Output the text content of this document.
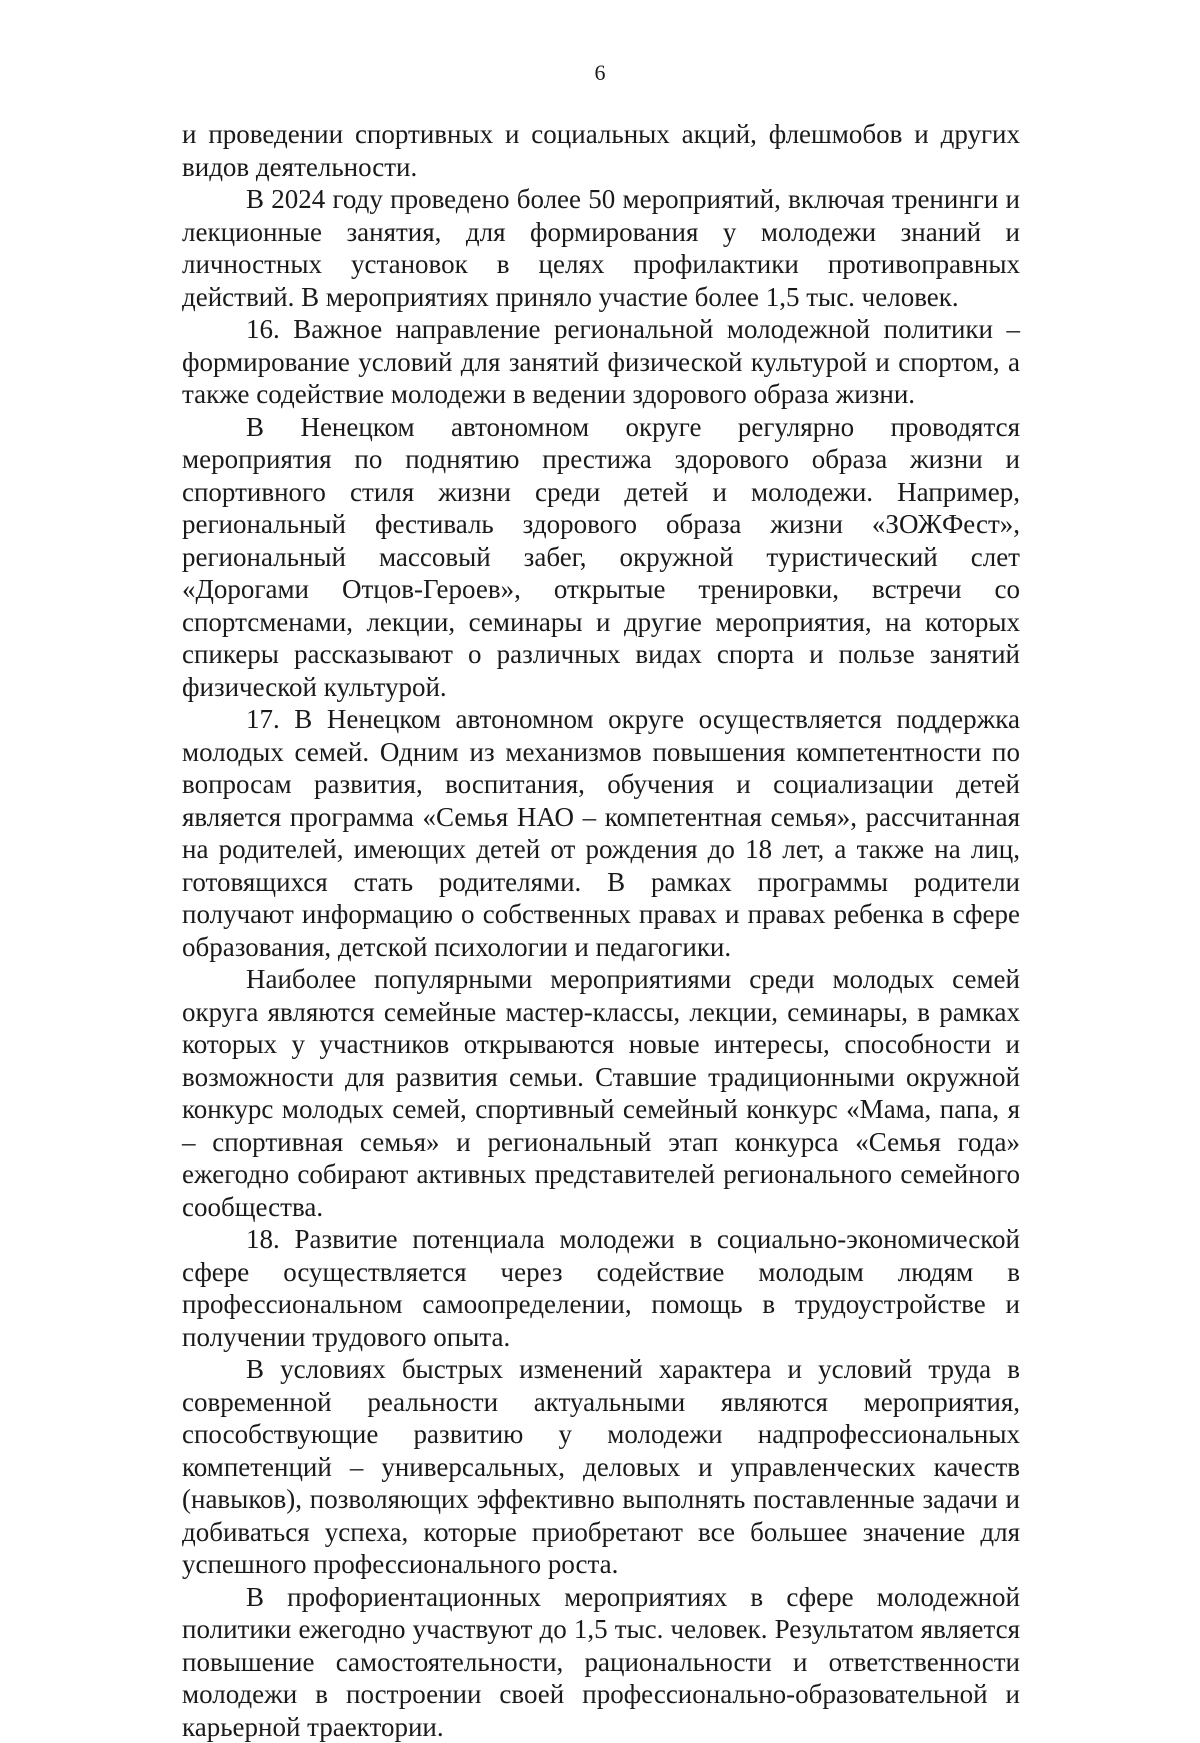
6

и проведении спортивных и социальных акций, флешмобов и других видов деятельности.

В 2024 году проведено более 50 мероприятий, включая тренинги и лекционные занятия, для формирования у молодежи знаний и личностных установок в целях профилактики противоправных действий. В мероприятиях приняло участие более 1,5 тыс. человек.

16. Важное направление региональной молодежной политики – формирование условий для занятий физической культурой и спортом, а также содействие молодежи в ведении здорового образа жизни.

В Ненецком автономном округе регулярно проводятся мероприятия по поднятию престижа здорового образа жизни и спортивного стиля жизни среди детей и молодежи. Например, региональный фестиваль здорового образа жизни «ЗОЖФест», региональный массовый забег, окружной туристический слет «Дорогами Отцов-Героев», открытые тренировки, встречи со спортсменами, лекции, семинары и другие мероприятия, на которых спикеры рассказывают о различных видах спорта и пользе занятий физической культурой.

17. В Ненецком автономном округе осуществляется поддержка молодых семей. Одним из механизмов повышения компетентности по вопросам развития, воспитания, обучения и социализации детей является программа «Семья НАО – компетентная семья», рассчитанная на родителей, имеющих детей от рождения до 18 лет, а также на лиц, готовящихся стать родителями. В рамках программы родители получают информацию о собственных правах и правах ребенка в сфере образования, детской психологии и педагогики.

Наиболее популярными мероприятиями среди молодых семей округа являются семейные мастер-классы, лекции, семинары, в рамках которых у участников открываются новые интересы, способности и возможности для развития семьи. Ставшие традиционными окружной конкурс молодых семей, спортивный семейный конкурс «Мама, папа, я – спортивная семья» и региональный этап конкурса «Семья года» ежегодно собирают активных представителей регионального семейного сообщества.

18. Развитие потенциала молодежи в социально-экономической сфере осуществляется через содействие молодым людям в профессиональном самоопределении, помощь в трудоустройстве и получении трудового опыта.

В условиях быстрых изменений характера и условий труда в современной реальности актуальными являются мероприятия, способствующие развитию у молодежи надпрофессиональных компетенций – универсальных, деловых и управленческих качеств (навыков), позволяющих эффективно выполнять поставленные задачи и добиваться успеха, которые приобретают все большее значение для успешного профессионального роста.

В профориентационных мероприятиях в сфере молодежной политики ежегодно участвуют до 1,5 тыс. человек. Результатом является повышение самостоятельности, рациональности и ответственности молодежи в построении своей профессионально-образовательной и карьерной траектории.
